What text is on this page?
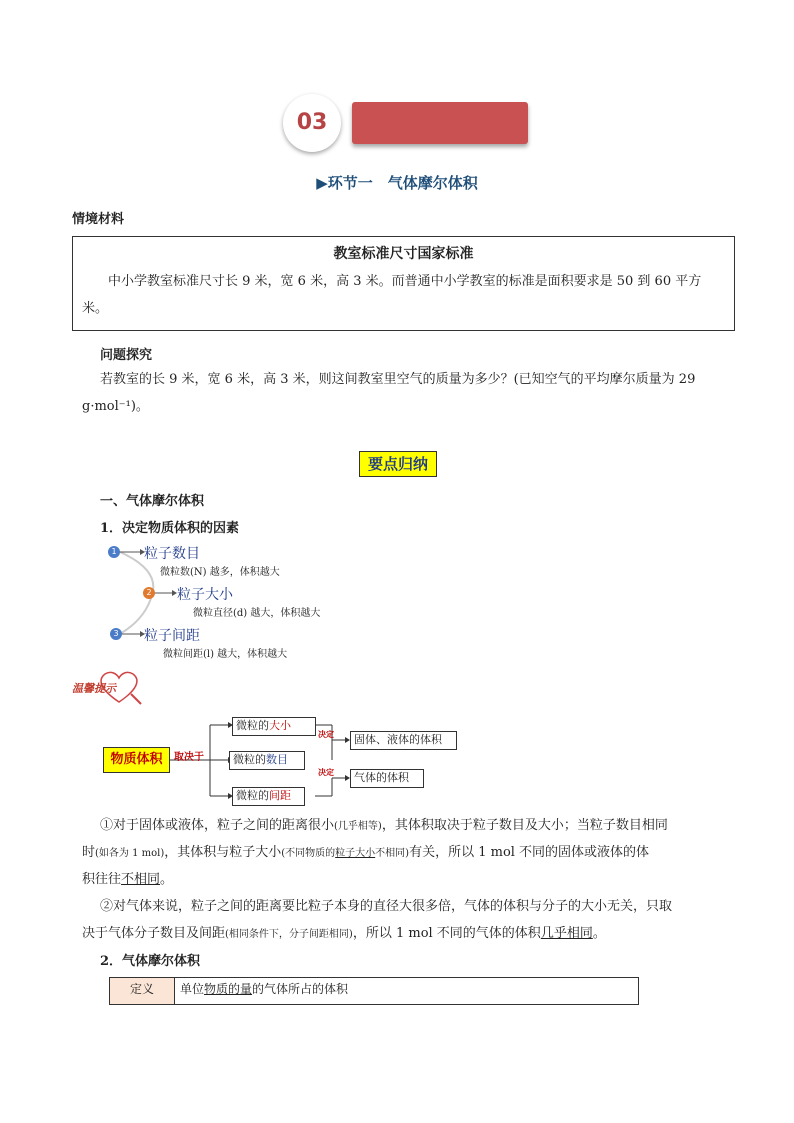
03
▶环节一　气体摩尔体积
情境材料
教室标准尺寸国家标准
中小学教室标准尺寸长 9 米，宽 6 米，高 3 米。而普通中小学教室的标准是面积要求是 50 到 60 平方
米。
问题探究
若教室的长 9 米，宽 6 米，高 3 米，则这间教室里空气的质量为多少？(已知空气的平均摩尔质量为 29
g·mol⁻¹)。
要点归纳
一、气体摩尔体积
1．决定物质体积的因素
1 粒子数目
微粒数(N) 越多，体积越大
2 粒子大小
微粒直径(d) 越大，体积越大
3 粒子间距
微粒间距(l) 越大，体积越大
温馨提示
物质体积	取决于
微粒的大小
微粒的数目
微粒的间距
决定
决定
固体、液体的体积
气体的体积
①对于固体或液体，粒子之间的距离很小(几乎相等)，其体积取决于粒子数目及大小；当粒子数目相同
时(如各为 1 mol)，其体积与粒子大小(不同物质的粒子大小不相同)有关，所以 1 mol 不同的固体或液体的体
积往往不相同。
②对气体来说，粒子之间的距离要比粒子本身的直径大很多倍，气体的体积与分子的大小无关，只取
决于气体分子数目及间距(相同条件下，分子间距相同)，所以 1 mol 不同的气体的体积几乎相同。
2．气体摩尔体积
定义	单位物质的量的气体所占的体积
